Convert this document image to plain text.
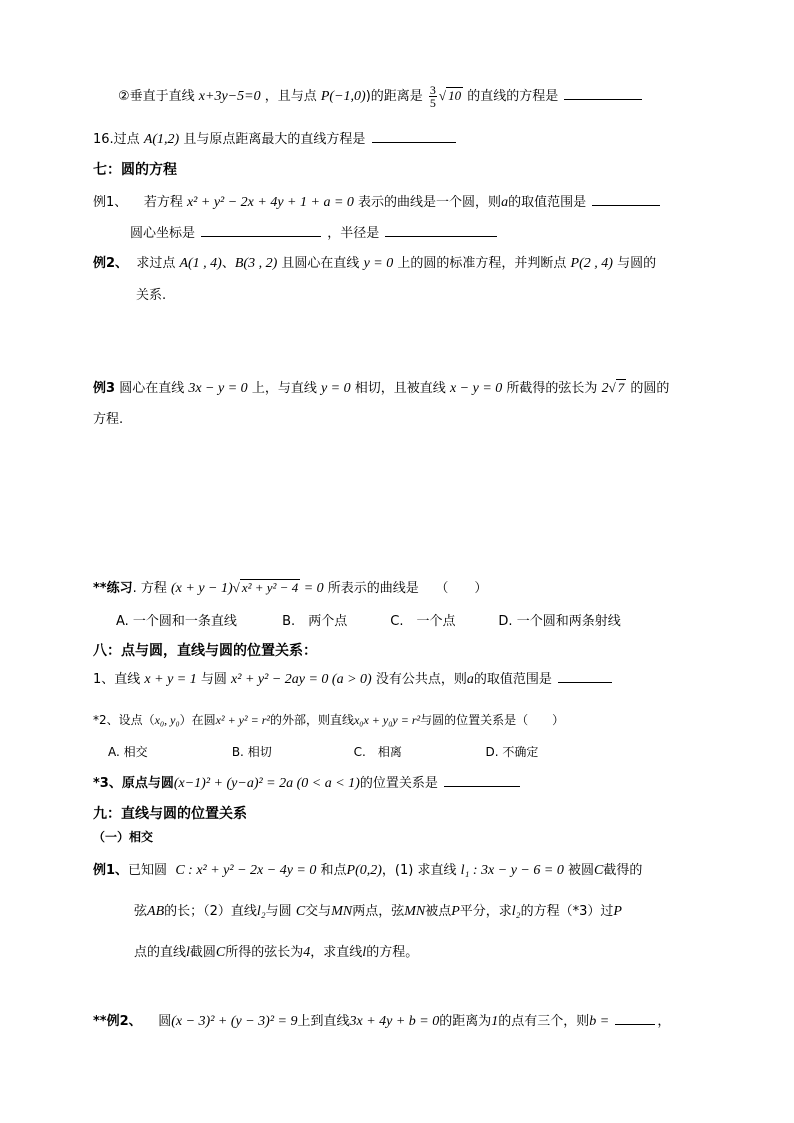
②垂直于直线 x+3y−5=0 ，且与点 P(−1,0))的距离是 $\frac{3}{5}$ √ 10 的直线的方程是
16.过点 A(1,2) 且与原点距离最大的直线方程是
七：圆的方程
例1、 若方程 x² + y² − 2x + 4y + 1 + a = 0 表示的曲线是一个圆，则a的取值范围是
圆心坐标是	，半径是
例2、 求过点 A(1 , 4)、B(3 , 2) 且圆心在直线 y = 0 上的圆的标准方程，并判断点 P(2 , 4) 与圆的
关系.
例3 圆心在直线 3x − y = 0 上，与直线 y = 0 相切，且被直线 x − y = 0 所截得的弦长为 2√ 7 的圆的
方程.
**练习. 方程 (x + y − 1)√ x² + y² − 4 = 0 所表示的曲线是 （　　）
A. 一个圆和一条直线	B.　两个点	C.　一个点	D. 一个圆和两条射线
八：点与圆，直线与圆的位置关系：
1、直线 x + y = 1 与圆 x² + y² − 2ay = 0 (a > 0) 没有公共点，则a的取值范围是
*2、设点（x₀, y₀）在圆x² + y² = r²的外部，则直线x₀x + y₀y = r²与圆的位置关系是（　　）
A. 相交	B. 相切	C.　相离	D. 不确定
*3、原点与圆(x−1)² + (y−a)² = 2a (0 < a < 1)的位置关系是
九：直线与圆的位置关系
（一）相交
例1、已知圆 C : x² + y² − 2x − 4y = 0 和点P(0,2)，(1) 求直线 l₁ : 3x − y − 6 = 0 被圆C截得的
弦AB的长；（2）直线l₂与圆 C交与MN两点，弦MN被点P平分，求l₂的方程（*3）过P
点的直线l截圆C所得的弦长为4，求直线l的方程。
**例2、 圆(x − 3)² + (y − 3)² = 9上到直线3x + 4y + b = 0的距离为1的点有三个，则b =	，
